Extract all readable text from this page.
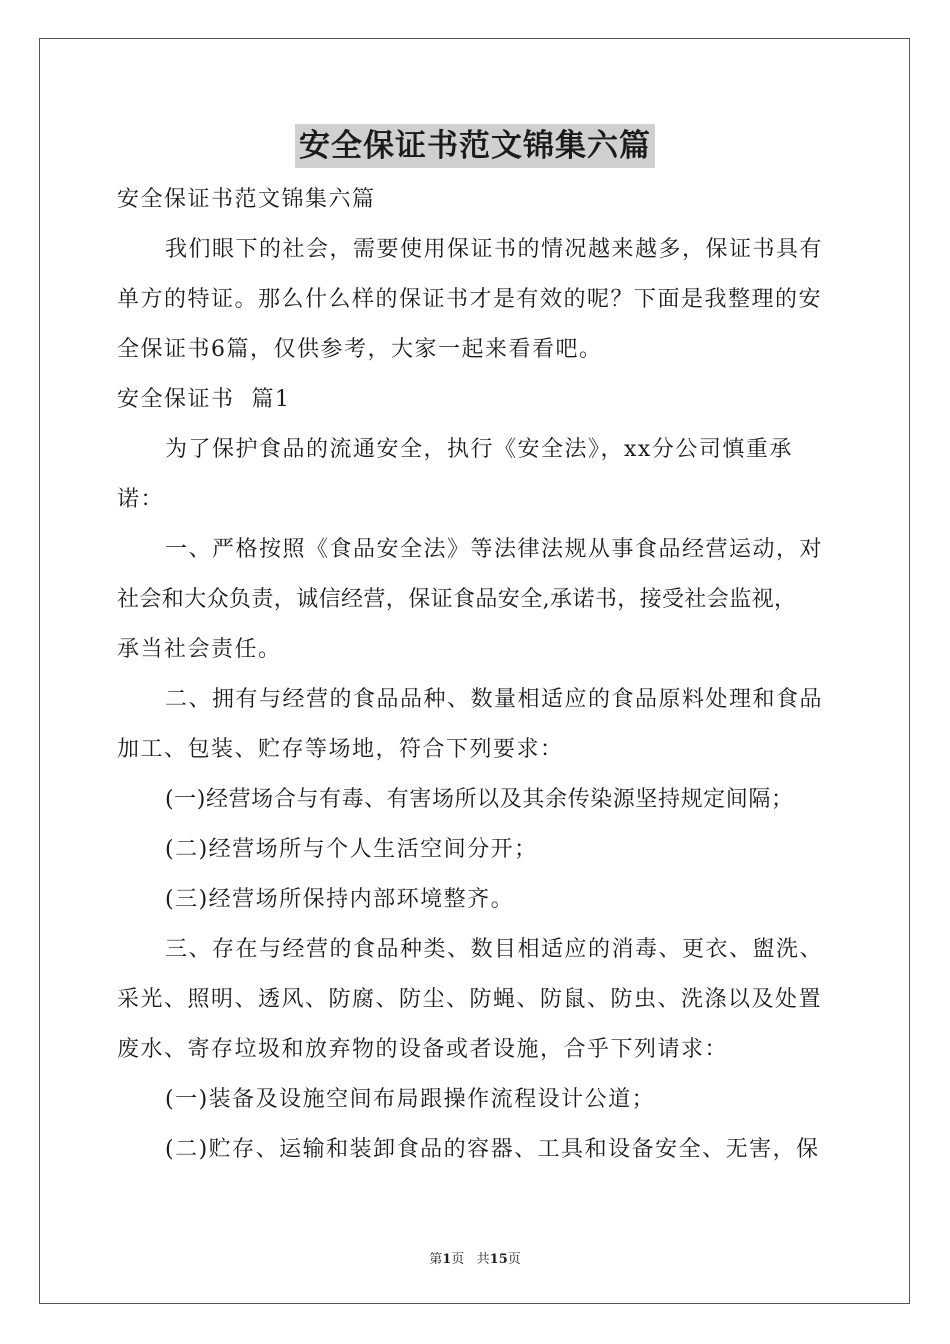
安全保证书范文锦集六篇
安全保证书范文锦集六篇
我们眼下的社会，需要使用保证书的情况越来越多，保证书具有
单方的特证。那么什么样的保证书才是有效的呢？下面是我整理的安
全保证书6篇，仅供参考，大家一起来看看吧。
安全保证书  篇1
为了保护食品的流通安全，执行《安全法》，xx分公司慎重承
诺：
一、严格按照《食品安全法》等法律法规从事食品经营运动，对
社会和大众负责，诚信经营，保证食品安全,承诺书，接受社会监视，
承当社会责任。
二、拥有与经营的食品品种、数量相适应的食品原料处理和食品
加工、包装、贮存等场地，符合下列要求：
(一)经营场合与有毒、有害场所以及其余传染源坚持规定间隔；
(二)经营场所与个人生活空间分开；
(三)经营场所保持内部环境整齐。
三、存在与经营的食品种类、数目相适应的消毒、更衣、盥洗、
采光、照明、透风、防腐、防尘、防蝇、防鼠、防虫、洗涤以及处置
废水、寄存垃圾和放弃物的设备或者设施，合乎下列请求：
(一)装备及设施空间布局跟操作流程设计公道；
(二)贮存、运输和装卸食品的容器、工具和设备安全、无害，保
第1页   共15页
